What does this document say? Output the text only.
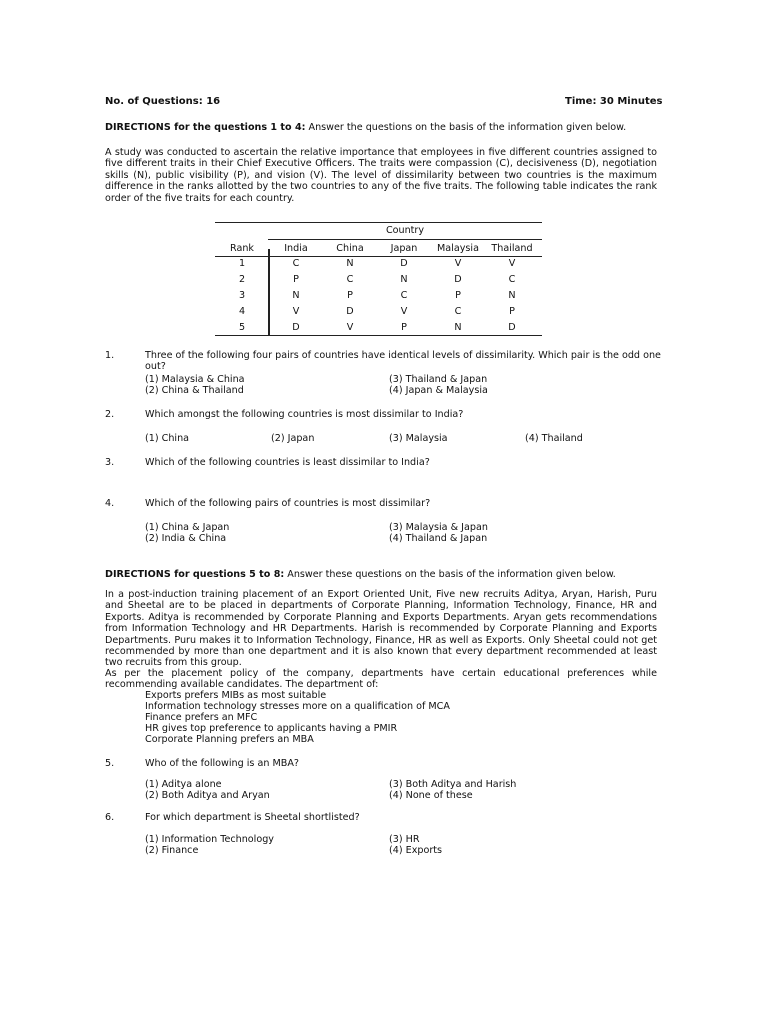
No. of Questions: 16	Time: 30 Minutes
DIRECTIONS for the questions 1 to 4: Answer the questions on the basis of the information given below.
A study was conducted to ascertain the relative importance that employees in five different countries assigned to five different traits in their Chief Executive Officers. The traits were compassion (C), decisiveness (D), negotiation skills (N), public visibility (P), and vision (V). The level of dissimilarity between two countries is the maximum difference in the ranks allotted by the two countries to any of the five traits. The following table indicates the rank order of the five traits for each country.
Country
Rank	India	China	Japan	Malaysia	Thailand
1	C	N	D	V	V
2	P	C	N	D	C
3	N	P	C	P	N
4	V	D	V	C	P
5	D	V	P	N	D
1.	Three of the following four pairs of countries have identical levels of dissimilarity. Which pair is the odd one out?
(1) Malaysia & China
(2) China & Thailand
(3) Thailand & Japan
(4) Japan & Malaysia
2.	Which amongst the following countries is most dissimilar to India?
(1) China	(2) Japan	(3) Malaysia	(4) Thailand
3.	Which of the following countries is least dissimilar to India?
4.	Which of the following pairs of countries is most dissimilar?
(1) China & Japan
(2) India & China
(3) Malaysia & Japan
(4) Thailand & Japan
DIRECTIONS for questions 5 to 8: Answer these questions on the basis of the information given below.
In a post-induction training placement of an Export Oriented Unit, Five new recruits Aditya, Aryan, Harish, Puru and Sheetal are to be placed in departments of Corporate Planning, Information Technology, Finance, HR and Exports. Aditya is recommended by Corporate Planning and Exports Departments. Aryan gets recommendations from Information Technology and HR Departments. Harish is recommended by Corporate Planning and Exports Departments. Puru makes it to Information Technology, Finance, HR as well as Exports. Only Sheetal could not get recommended by more than one department and it is also known that every department recommended at least two recruits from this group.
As per the placement policy of the company, departments have certain educational preferences while recommending available candidates. The department of:
Exports prefers MIBs as most suitable
Information technology stresses more on a qualification of MCA
Finance prefers an MFC
HR gives top preference to applicants having a PMIR
Corporate Planning prefers an MBA
5.	Who of the following is an MBA?
(1) Aditya alone
(2) Both Aditya and Aryan
(3) Both Aditya and Harish
(4) None of these
6.	For which department is Sheetal shortlisted?
(1) Information Technology
(2) Finance
(3) HR
(4) Exports
